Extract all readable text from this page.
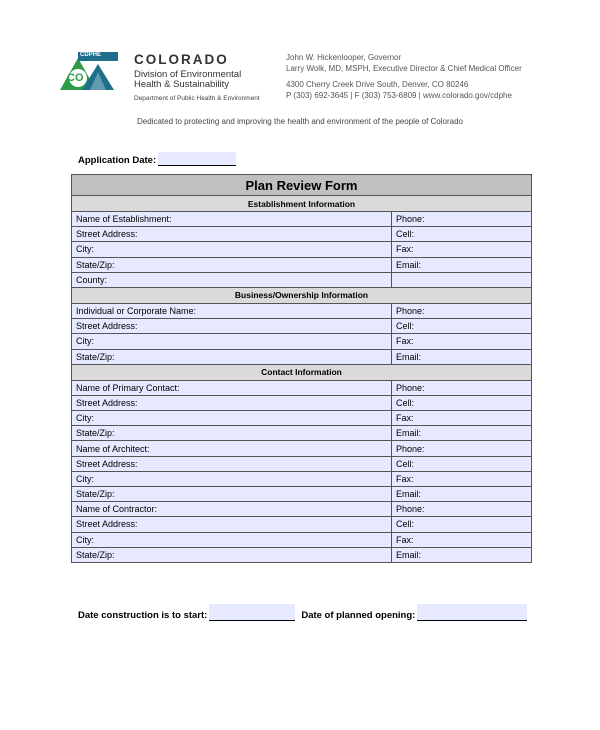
CDPHE
CO
COLORADO
Division of Environmental
Health & Sustainability
Department of Public Health & Environment
John W. Hickenlooper, Governor
Larry Wolk, MD, MSPH, Executive Director & Chief Medical Officer
4300 Cherry Creek Drive South, Denver, CO 80246
P (303) 692-3645 | F (303) 753-6809 | www.colorado.gov/cdphe
Dedicated to protecting and improving the health and environment of the people of Colorado
Application Date:
Plan Review Form	
Establishment Information	
Name of Establishment:	Phone:
Street Address:	Cell:
City:	Fax:
State/Zip:	Email:
County:	
Business/Ownership Information	
Individual or Corporate Name:	Phone:
Street Address:	Cell:
City:	Fax:
State/Zip:	Email:
Contact Information	
Name of Primary Contact:	Phone:
Street Address:	Cell:
City:	Fax:
State/Zip:	Email:
Name of Architect:	Phone:
Street Address:	Cell:
City:	Fax:
State/Zip:	Email:
Name of Contractor:	Phone:
Street Address:	Cell:
City:	Fax:
State/Zip:	Email:
Date construction is to start:	Date of planned opening:
